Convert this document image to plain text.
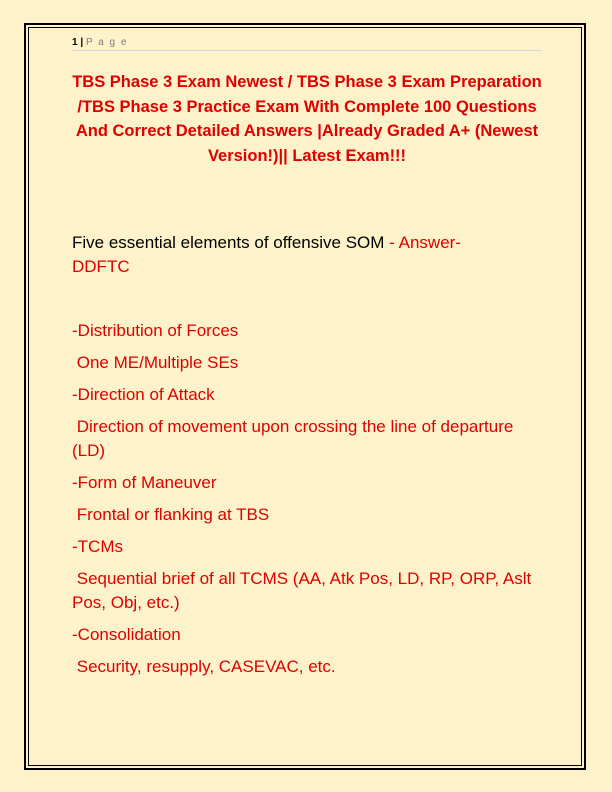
1 | P a g e
TBS Phase 3 Exam Newest / TBS Phase 3 Exam Preparation /TBS Phase 3 Practice Exam With Complete 100 Questions And Correct Detailed Answers |Already Graded A+ (Newest Version!)|| Latest Exam!!!
Five essential elements of offensive SOM - Answer-
DDFTC
-Distribution of Forces
One ME/Multiple SEs
-Direction of Attack
Direction of movement upon crossing the line of departure (LD)
-Form of Maneuver
Frontal or flanking at TBS
-TCMs
Sequential brief of all TCMS (AA, Atk Pos, LD, RP, ORP, Aslt Pos, Obj, etc.)
-Consolidation
Security, resupply, CASEVAC, etc.
